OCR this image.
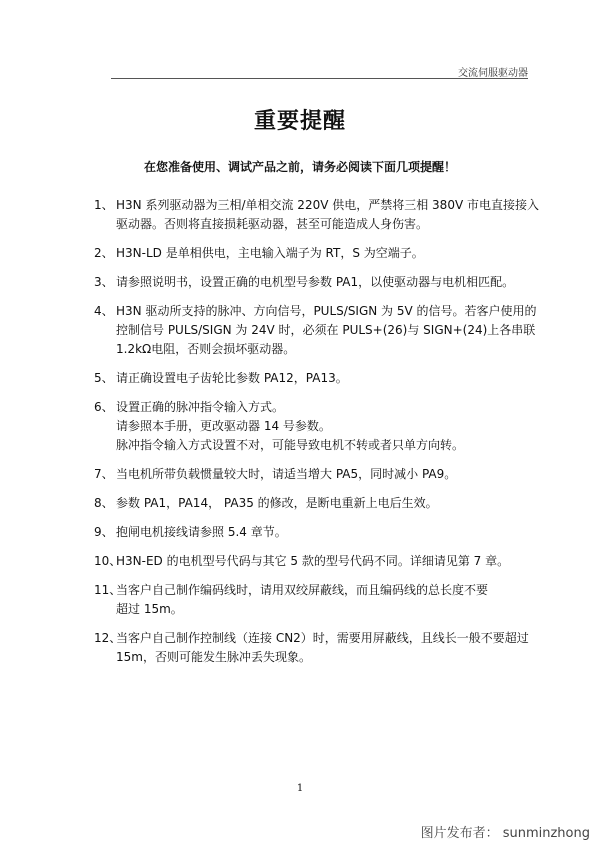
交流伺服驱动器
重要提醒
在您准备使用、调试产品之前，请务必阅读下面几项提醒！
1、 H3N 系列驱动器为三相/单相交流 220V 供电，严禁将三相 380V 市电直接接入
驱动器。否则将直接损耗驱动器，甚至可能造成人身伤害。
2、 H3N-LD 是单相供电，主电输入端子为 RT，S 为空端子。
3、 请参照说明书，设置正确的电机型号参数 PA1，以使驱动器与电机相匹配。
4、 H3N 驱动所支持的脉冲、方向信号，PULS/SIGN 为 5V 的信号。若客户使用的
控制信号 PULS/SIGN 为 24V 时，必须在 PULS+(26)与 SIGN+(24)上各串联
1.2kΩ电阻，否则会损坏驱动器。
5、 请正确设置电子齿轮比参数 PA12，PA13。
6、 设置正确的脉冲指令输入方式。
请参照本手册，更改驱动器 14 号参数。
脉冲指令输入方式设置不对，可能导致电机不转或者只单方向转。
7、 当电机所带负载惯量较大时，请适当增大 PA5，同时减小 PA9。
8、 参数 PA1，PA14， PA35 的修改，是断电重新上电后生效。
9、 抱闸电机接线请参照 5.4 章节。
10、
H3N-ED 的电机型号代码与其它 5 款的型号代码不同。详细请见第 7 章。
11、
当客户自己制作编码线时，请用双绞屏蔽线，而且编码线的总长度不要
超过 15m。
12、
当客户自己制作控制线（连接 CN2）时，需要用屏蔽线，且线长一般不要超过
15m，否则可能发生脉冲丢失现象。
1
图片发布者： sunminzhong
